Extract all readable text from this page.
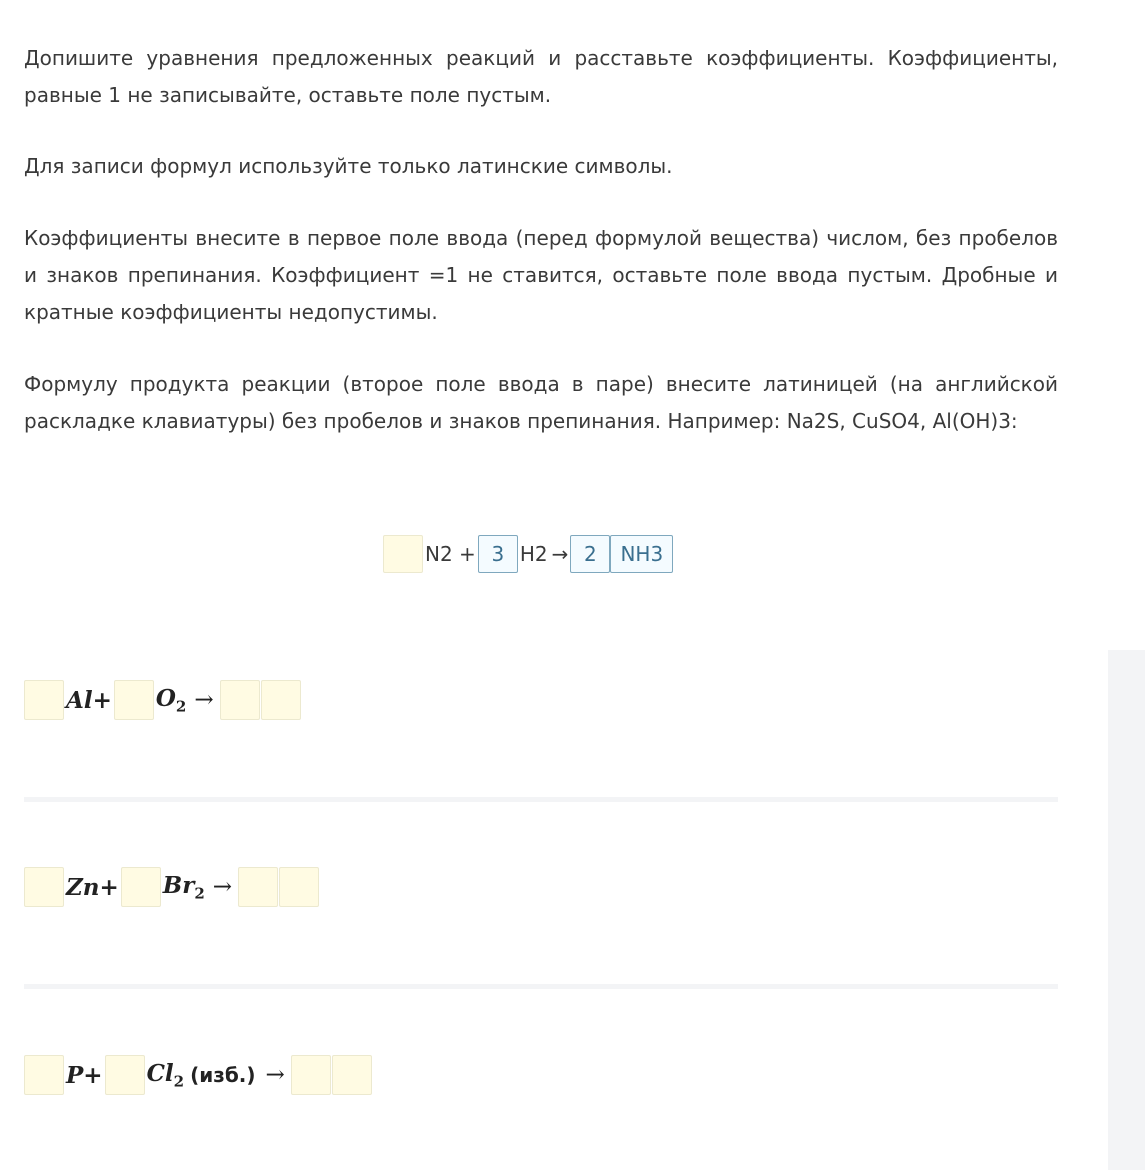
Допишите уравнения предложенных реакций и расставьте коэффициенты. Коэффициенты, равные 1 не записывайте, оставьте поле пустым.

Для записи формул используйте только латинские символы.

Коэффициенты внесите в первое поле ввода (перед формулой вещества) числом, без пробелов и знаков препинания. Коэффициент =1 не ставится, оставьте поле ввода пустым. Дробные и кратные коэффициенты недопустимы.

Формулу продукта реакции (второе поле ввода в паре) внесите латиницей (на английской раскладке клавиатуры) без пробелов и знаков препинания. Например: Na2S, CuSO4, Al(OH)3:

N2 + 3 H2 → 2	NH3
$Al+ O_2$ →
$Zn+ Br_2$ →
$P+ Cl_2$ (изб.) →
